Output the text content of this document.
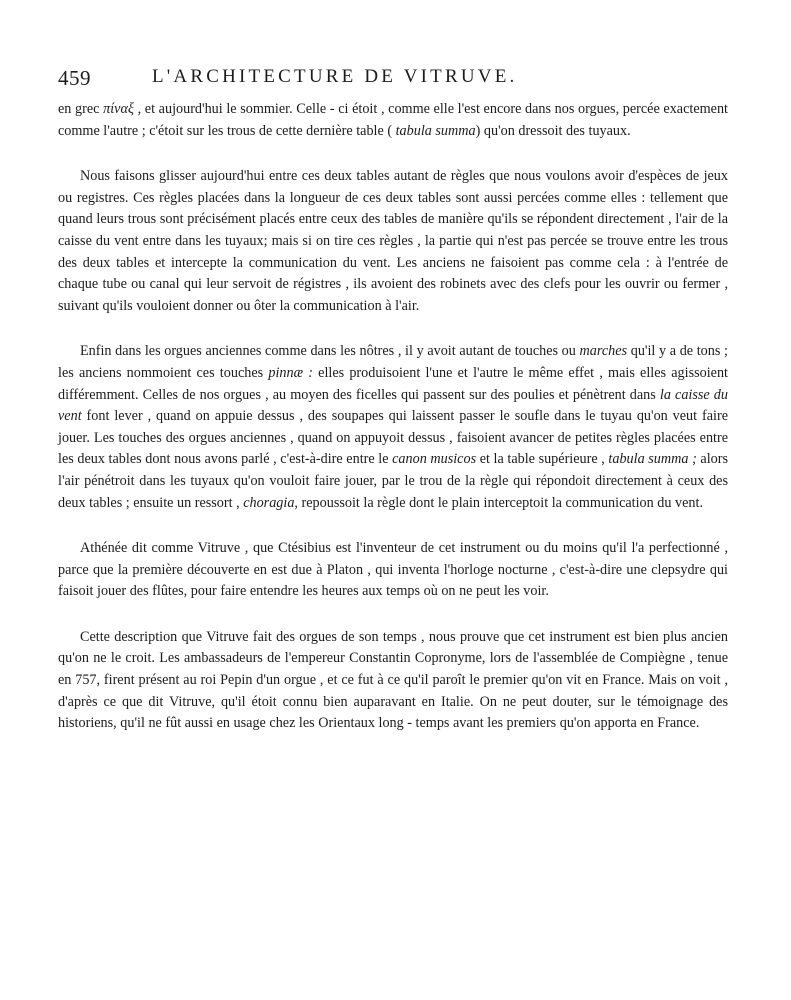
459	L'ARCHITECTURE DE VITRUVE.

en grec πίναξ , et aujourd'hui le sommier. Celle - ci étoit , comme elle l'est encore dans nos orgues, percée exactement comme l'autre ; c'étoit sur les trous de cette dernière table ( tabula summa) qu'on dressoit des tuyaux.

Nous faisons glisser aujourd'hui entre ces deux tables autant de règles que nous voulons avoir d'espèces de jeux ou registres. Ces règles placées dans la longueur de ces deux tables sont aussi percées comme elles : tellement que quand leurs trous sont précisément placés entre ceux des tables de manière qu'ils se répondent directement , l'air de la caisse du vent entre dans les tuyaux; mais si on tire ces règles , la partie qui n'est pas percée se trouve entre les trous des deux tables et intercepte la communication du vent. Les anciens ne faisoient pas comme cela : à l'entrée de chaque tube ou canal qui leur servoit de régistres , ils avoient des robinets avec des clefs pour les ouvrir ou fermer , suivant qu'ils vouloient donner ou ôter la communication à l'air.

Enfin dans les orgues anciennes comme dans les nôtres , il y avoit autant de touches ou marches qu'il y a de tons ; les anciens nommoient ces touches pinnæ : elles produisoient l'une et l'autre le même effet , mais elles agissoient différemment. Celles de nos orgues , au moyen des ficelles qui passent sur des poulies et pénètrent dans la caisse du vent font lever , quand on appuie dessus , des soupapes qui laissent passer le soufle dans le tuyau qu'on veut faire jouer. Les touches des orgues anciennes , quand on appuyoit dessus , faisoient avancer de petites règles placées entre les deux tables dont nous avons parlé , c'est-à-dire entre le canon musicos et la table supérieure , tabula summa ; alors l'air pénétroit dans les tuyaux qu'on vouloit faire jouer, par le trou de la règle qui répondoit directement à ceux des deux tables ; ensuite un ressort , choragia, repoussoit la règle dont le plain interceptoit la communication du vent.

Athénée dit comme Vitruve , que Ctésibius est l'inventeur de cet instrument ou du moins qu'il l'a perfectionné , parce que la première découverte en est due à Platon , qui inventa l'horloge nocturne , c'est-à-dire une clepsydre qui faisoit jouer des flûtes, pour faire entendre les heures aux temps où on ne peut les voir.

Cette description que Vitruve fait des orgues de son temps , nous prouve que cet instrument est bien plus ancien qu'on ne le croit. Les ambassadeurs de l'empereur Constantin Copronyme, lors de l'assemblée de Compiègne , tenue en 757, firent présent au roi Pepin d'un orgue , et ce fut à ce qu'il paroît le premier qu'on vit en France. Mais on voit , d'après ce que dit Vitruve, qu'il étoit connu bien auparavant en Italie. On ne peut douter, sur le témoignage des historiens, qu'il ne fût aussi en usage chez les Orientaux long - temps avant les premiers qu'on apporta en France.
